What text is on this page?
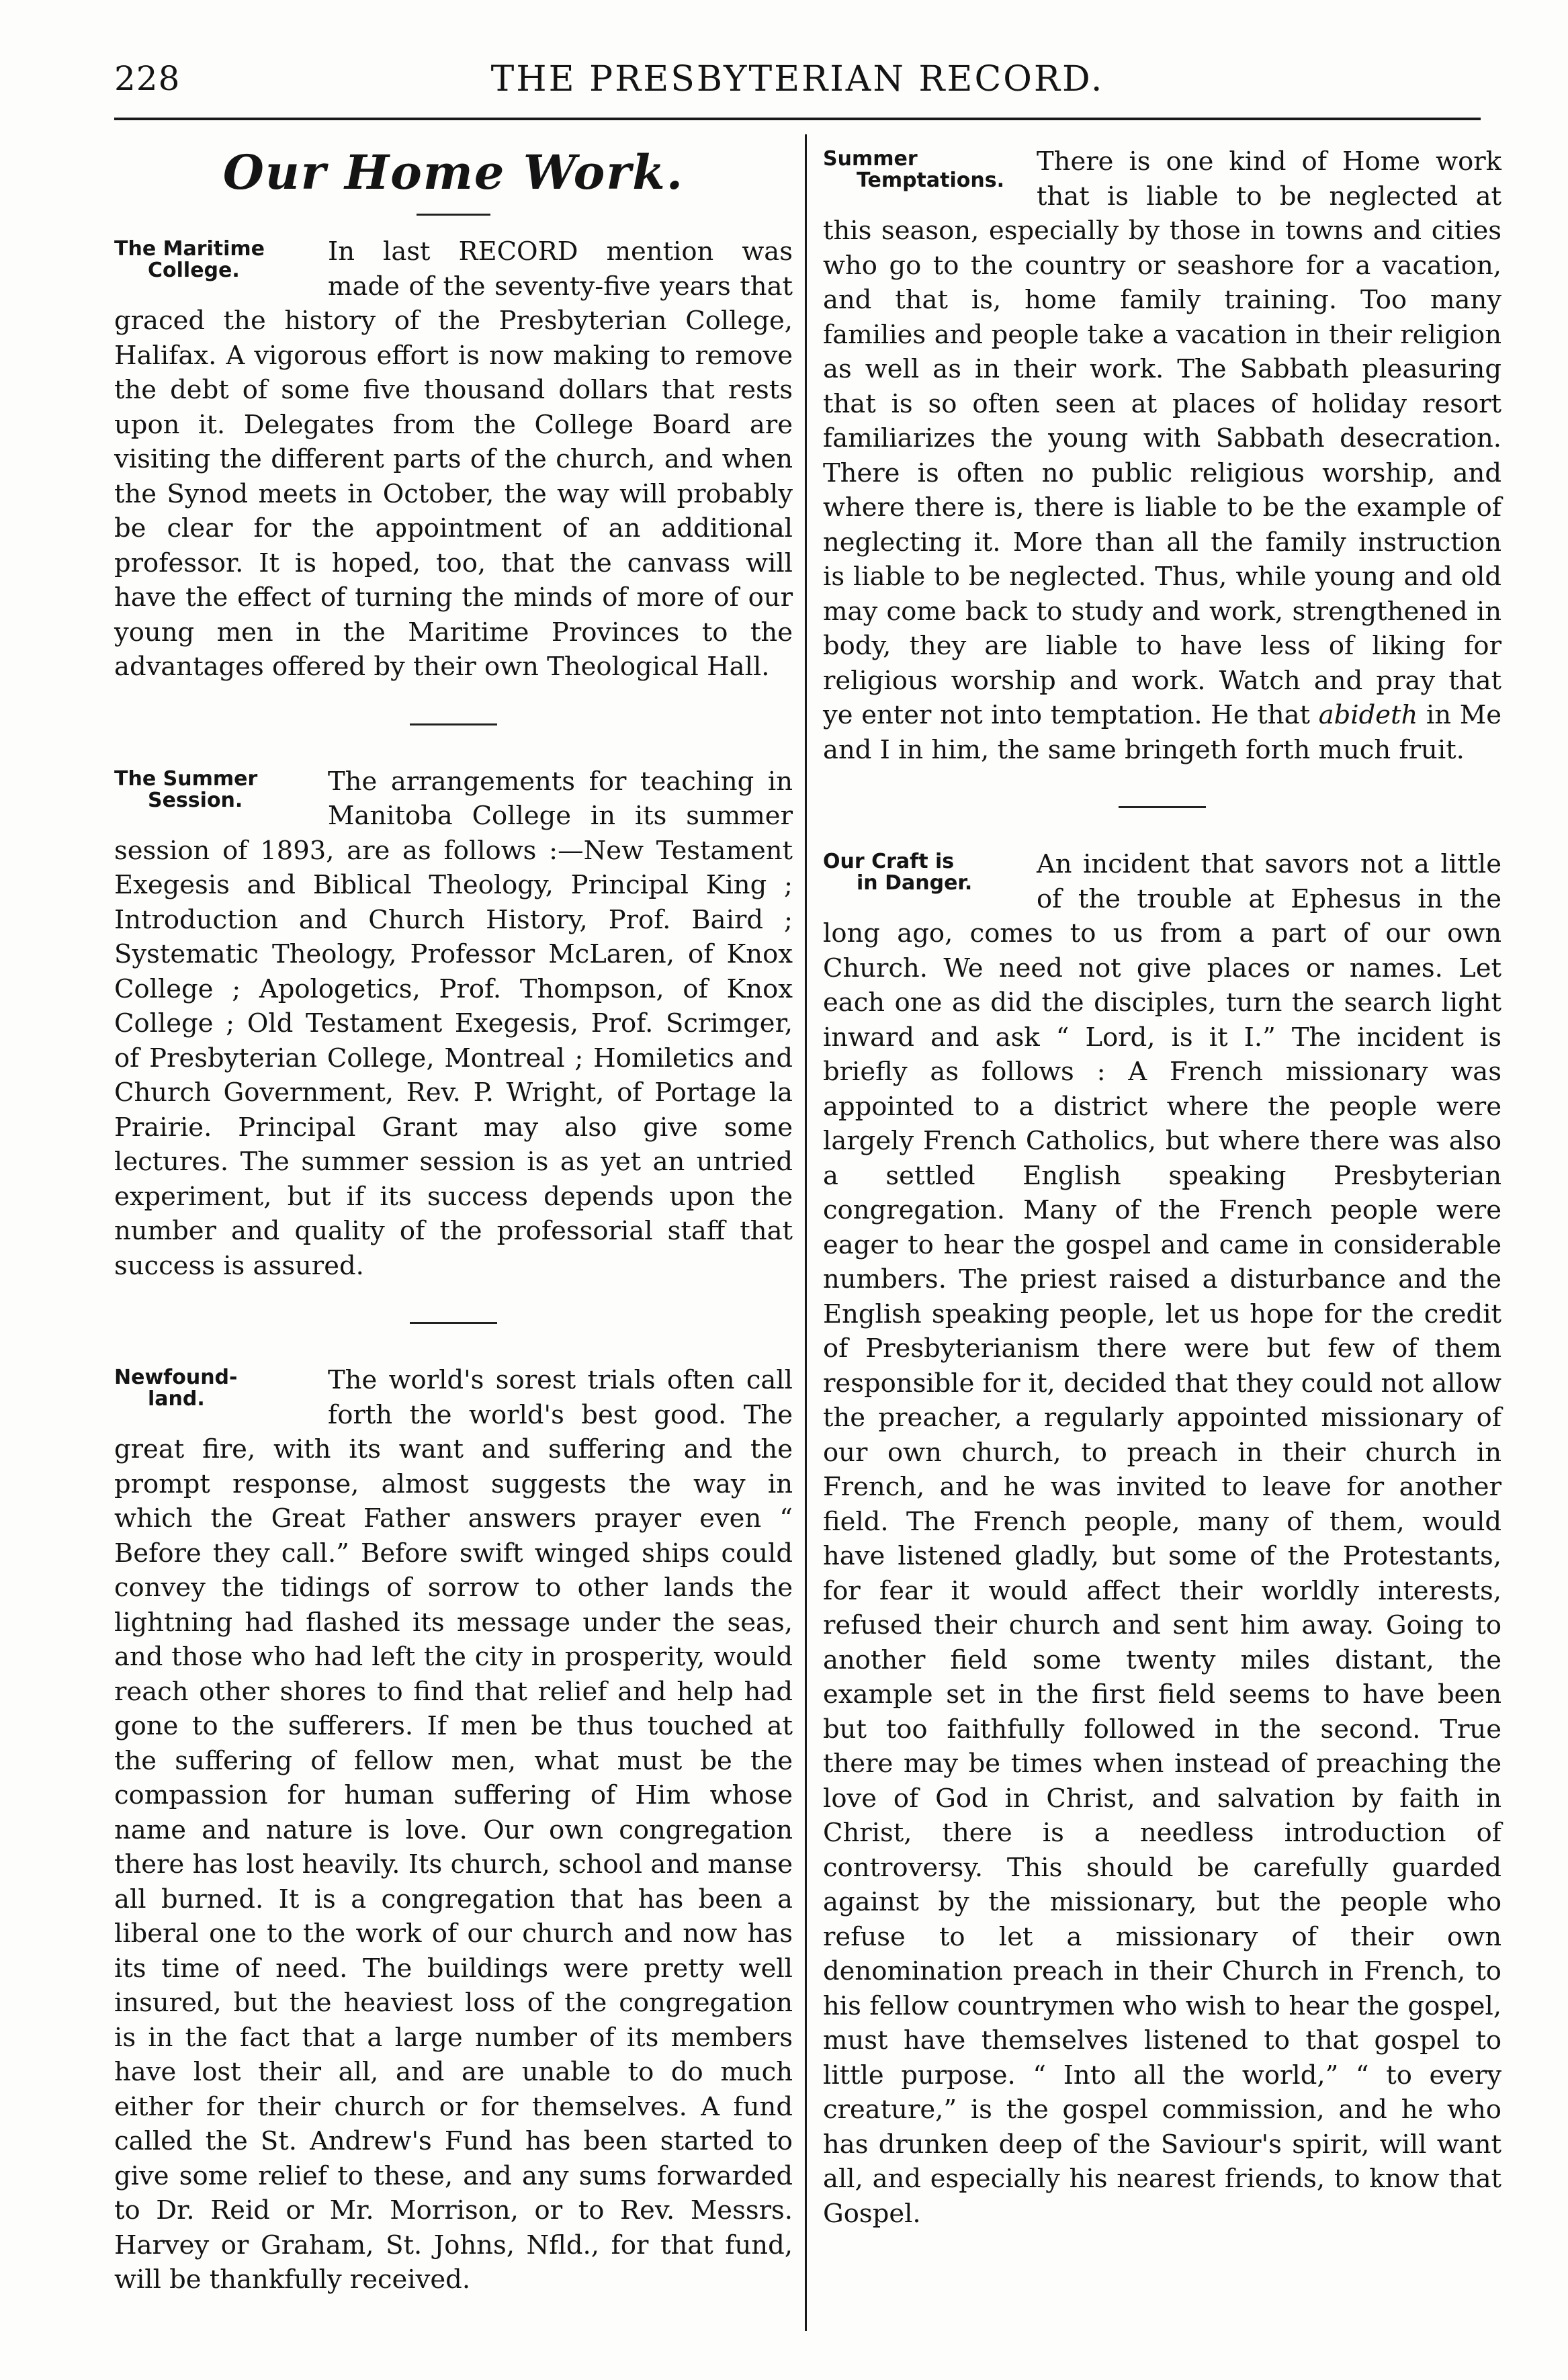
228	THE PRESBYTERIAN RECORD.
Our Home Work.
The Maritime
College.
In last RECORD mention was made of the seventy-five years that graced the history of the Presbyterian College, Halifax. A vigorous effort is now making to remove the debt of some five thousand dollars that rests upon it. Delegates from the College Board are visiting the different parts of the church, and when the Synod meets in October, the way will probably be clear for the appointment of an additional professor. It is hoped, too, that the canvass will have the effect of turning the minds of more of our young men in the Maritime Provinces to the advantages offered by their own Theological Hall.
The Summer
Session.
The arrangements for teaching in Manitoba College in its summer session of 1893, are as follows :—New Testament Exegesis and Biblical Theology, Principal King ; Introduction and Church History, Prof. Baird ; Systematic Theology, Professor McLaren, of Knox College ; Apologetics, Prof. Thompson, of Knox College ; Old Testament Exegesis, Prof. Scrimger, of Presbyterian College, Montreal ; Homiletics and Church Government, Rev. P. Wright, of Portage la Prairie. Principal Grant may also give some lectures. The summer session is as yet an untried experiment, but if its success depends upon the number and quality of the professorial staff that success is assured.
Newfound-
land.
The world's sorest trials often call forth the world's best good. The great fire, with its want and suffering and the prompt response, almost suggests the way in which the Great Father answers prayer even “ Before they call.” Before swift winged ships could convey the tidings of sorrow to other lands the lightning had flashed its message under the seas, and those who had left the city in prosperity, would reach other shores to find that relief and help had gone to the sufferers. If men be thus touched at the suffering of fellow men, what must be the compassion for human suffering of Him whose name and nature is love. Our own congregation there has lost heavily. Its church, school and manse all burned. It is a congregation that has been a liberal one to the work of our church and now has its time of need. The buildings were pretty well insured, but the heaviest loss of the congregation is in the fact that a large number of its members have lost their all, and are unable to do much either for their church or for themselves. A fund called the St. Andrew's Fund has been started to give some relief to these, and any sums forwarded to Dr. Reid or Mr. Morrison, or to Rev. Messrs. Harvey or Graham, St. Johns, Nfld., for that fund, will be thankfully received.
Summer
Temptations.
There is one kind of Home work that is liable to be neglected at this season, especially by those in towns and cities who go to the country or seashore for a vacation, and that is, home family training. Too many families and people take a vacation in their religion as well as in their work. The Sabbath pleasuring that is so often seen at places of holiday resort familiarizes the young with Sabbath desecration. There is often no public religious worship, and where there is, there is liable to be the example of neglecting it. More than all the family instruction is liable to be neglected. Thus, while young and old may come back to study and work, strengthened in body, they are liable to have less of liking for religious worship and work. Watch and pray that ye enter not into temptation. He that abideth in Me and I in him, the same bringeth forth much fruit.
Our Craft is
in Danger.
An incident that savors not a little of the trouble at Ephesus in the long ago, comes to us from a part of our own Church. We need not give places or names. Let each one as did the disciples, turn the search light inward and ask “ Lord, is it I.” The incident is briefly as follows : A French missionary was appointed to a district where the people were largely French Catholics, but where there was also a settled English speaking Presbyterian congregation. Many of the French people were eager to hear the gospel and came in considerable numbers. The priest raised a disturbance and the English speaking people, let us hope for the credit of Presbyterianism there were but few of them responsible for it, decided that they could not allow the preacher, a regularly appointed missionary of our own church, to preach in their church in French, and he was invited to leave for another field. The French people, many of them, would have listened gladly, but some of the Protestants, for fear it would affect their worldly interests, refused their church and sent him away. Going to another field some twenty miles distant, the example set in the first field seems to have been but too faithfully followed in the second. True there may be times when instead of preaching the love of God in Christ, and salvation by faith in Christ, there is a needless introduction of controversy. This should be carefully guarded against by the missionary, but the people who refuse to let a missionary of their own denomination preach in their Church in French, to his fellow countrymen who wish to hear the gospel, must have themselves listened to that gospel to little purpose. “ Into all the world,” “ to every creature,” is the gospel commission, and he who has drunken deep of the Saviour's spirit, will want all, and especially his nearest friends, to know that Gospel.
